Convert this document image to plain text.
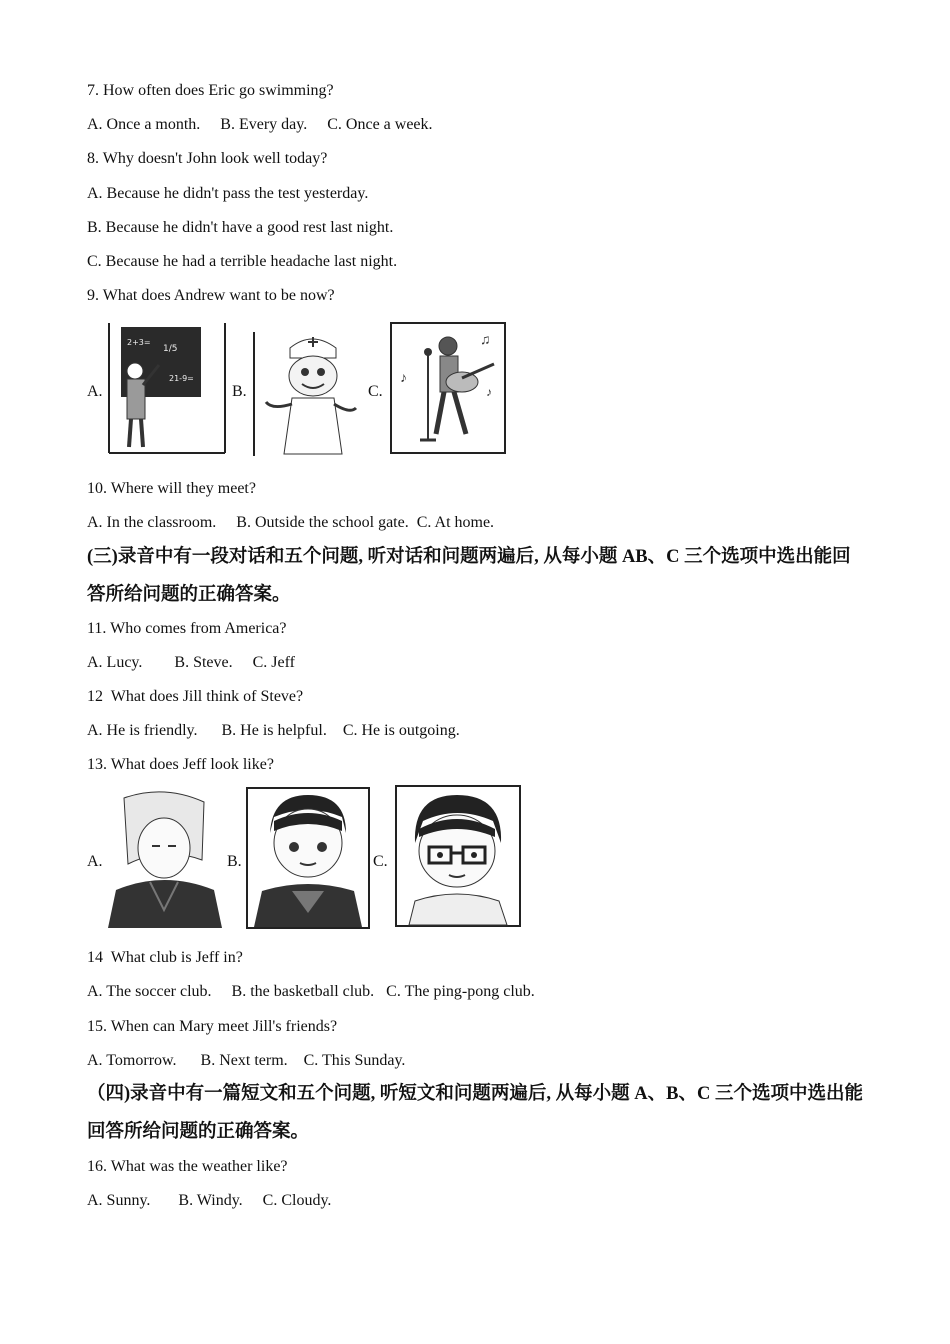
7. How often does Eric go swimming?
A. Once a month.     B. Every day.     C. Once a week.
8. Why doesn't John look well today?
A. Because he didn't pass the test yesterday.
B. Because he didn't have a good rest last night.
C. Because he had a terrible headache last night.
9. What does Andrew want to be now?
A.
2+3=
1/5
21-9=
B.	C.
♪
♫
♪
10. Where will they meet?
A. In the classroom.     B. Outside the school gate.  C. At home.
(三)录音中有一段对话和五个问题, 听对话和问题两遍后, 从每小题 AB、C 三个选项中选出能回答所给问题的正确答案。
11. Who comes from America?
A. Lucy.        B. Steve.     C. Jeff
12  What does Jill think of Steve?
A. He is friendly.      B. He is helpful.    C. He is outgoing.
13. What does Jeff look like?
A.	B.	C.
14  What club is Jeff in?
A. The soccer club.     B. the basketball club.   C. The ping-pong club.
15. When can Mary meet Jill's friends?
A. Tomorrow.      B. Next term.    C. This Sunday.
（四)录音中有一篇短文和五个问题, 听短文和问题两遍后, 从每小题 A、B、C 三个选项中选出能回答所给问题的正确答案。
16. What was the weather like?
A. Sunny.       B. Windy.     C. Cloudy.
